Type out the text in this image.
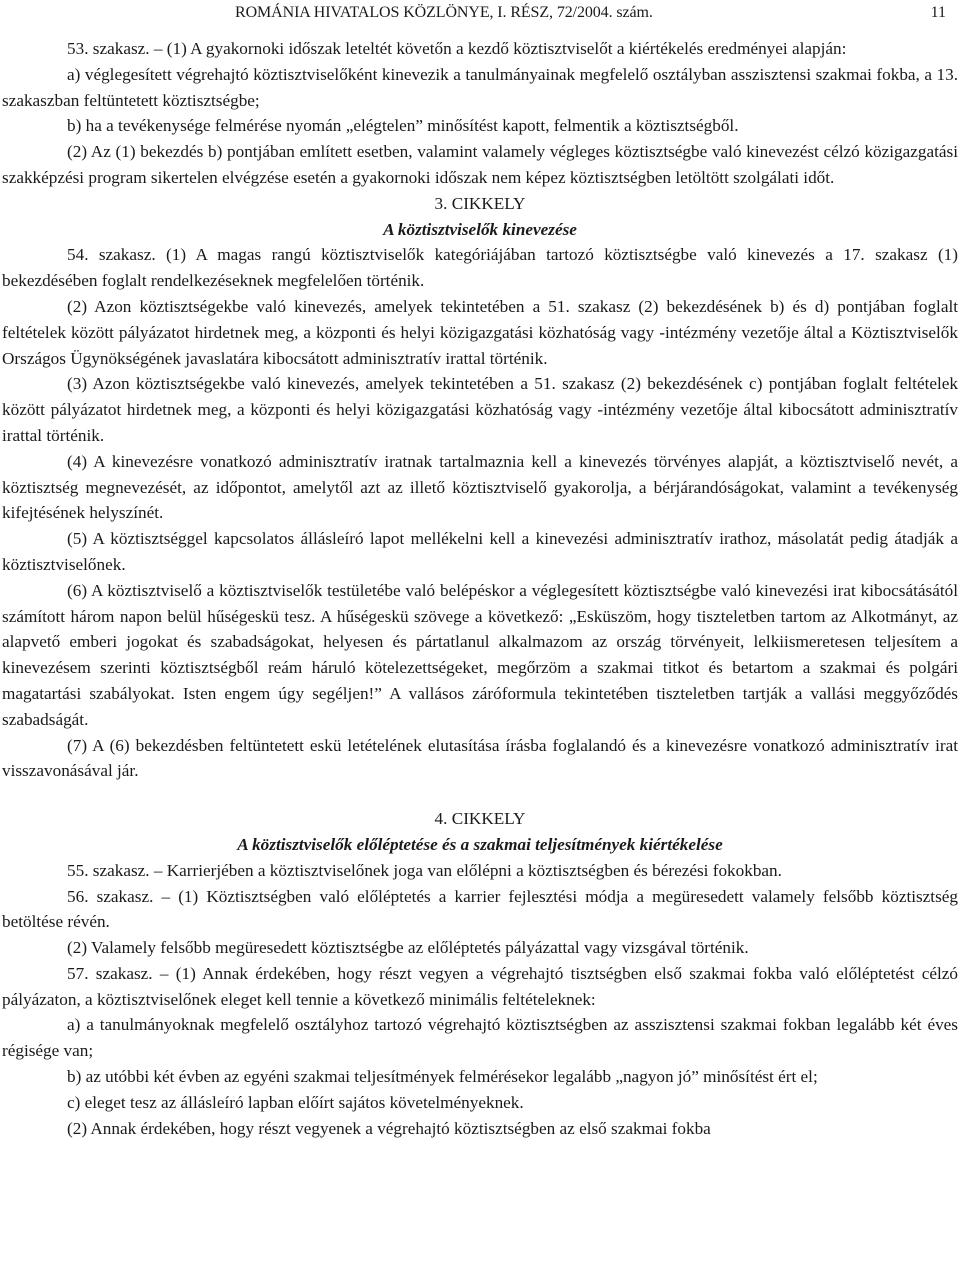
ROMÁNIA HIVATALOS KÖZLÖNYE, I. RÉSZ, 72/2004. szám.	11

53. szakasz. – (1) A gyakornoki időszak leteltét követőn a kezdő köztisztviselőt a kiértékelés eredményei alapján:

a) véglegesített végrehajtó köztisztviselőként kinevezik a tanulmányainak megfelelő osztályban asszisztensi szakmai fokba, a 13. szakaszban feltüntetett köztisztségbe;

b) ha a tevékenysége felmérése nyomán „elégtelen” minősítést kapott, felmentik a köztisztségből.

(2) Az (1) bekezdés b) pontjában említett esetben, valamint valamely végleges köztisztségbe való kinevezést célzó közigazgatási szakképzési program sikertelen elvégzése esetén a gyakornoki időszak nem képez köztisztségben letöltött szolgálati időt.

3. CIKKELY

A köztisztviselők kinevezése

54. szakasz. (1) A magas rangú köztisztviselők kategóriájában tartozó köztisztségbe való kinevezés a 17. szakasz (1) bekezdésében foglalt rendelkezéseknek megfelelően történik.

(2) Azon köztisztségekbe való kinevezés, amelyek tekintetében a 51. szakasz (2) bekezdésének b) és d) pontjában foglalt feltételek között pályázatot hirdetnek meg, a központi és helyi közigazgatási közhatóság vagy -intézmény vezetője által a Köztisztviselők Országos Ügynökségének javaslatára kibocsátott adminisztratív irattal történik.

(3) Azon köztisztségekbe való kinevezés, amelyek tekintetében a 51. szakasz (2) bekezdésének c) pontjában foglalt feltételek között pályázatot hirdetnek meg, a központi és helyi közigazgatási közhatóság vagy -intézmény vezetője által kibocsátott adminisztratív irattal történik.

(4) A kinevezésre vonatkozó adminisztratív iratnak tartalmaznia kell a kinevezés törvényes alapját, a köztisztviselő nevét, a köztisztség megnevezését, az időpontot, amelytől azt az illető köztisztviselő gyakorolja, a bérjárandóságokat, valamint a tevékenység kifejtésének helyszínét.

(5) A köztisztséggel kapcsolatos álláslеíró lapot mellékelni kell a kinevezési adminisztratív irathoz, másolatát pedig átadják a köztisztviselőnek.

(6) A köztisztviselő a köztisztviselők testületébe való belépéskor a véglegesített köztisztségbe való kinevezési irat kibocsátásától számított három napon belül hűségeskü tesz. A hűségeskü szövege a következő: „Esküszöm, hogy tiszteletben tartom az Alkotmányt, az alapvető emberi jogokat és szabadságokat, helyesen és pártatlanul alkalmazom az ország törvényeit, lelkiismeretesen teljesítem a kinevezésem szerinti köztisztségből reám háruló kötelezettségeket, megőrzöm a szakmai titkot és betartom a szakmai és polgári magatartási szabályokat. Isten engem úgy segéljen!” A vallásos záróformula tekintetében tiszteletben tartják a vallási meggyőződés szabadságát.

(7) A (6) bekezdésben feltüntetett eskü letételének elutasítása írásba foglalandó és a kinevezésre vonatkozó adminisztratív irat visszavonásával jár.

4. CIKKELY

A köztisztviselők előléptetése és a szakmai teljesítmények kiértékelése

55. szakasz. – Karrierjében a köztisztviselőnek joga van előlépni a köztisztségben és bérezési fokokban.

56. szakasz. – (1) Köztisztségben való előléptetés a karrier fejlesztési módja a megüresedett valamely felsőbb köztisztség betöltése révén.

(2) Valamely felsőbb megüresedett köztisztségbe az előléptetés pályázattal vagy vizsgával történik.

57. szakasz. – (1) Annak érdekében, hogy részt vegyen a végrehajtó tisztségben első szakmai fokba való előléptetést célzó pályázaton, a köztisztviselőnek eleget kell tennie a következő minimális feltételeknek:

a) a tanulmányoknak megfelelő osztályhoz tartozó végrehajtó köztisztségben az asszisztensi szakmai fokban legalább két éves régisége van;

b) az utóbbi két évben az egyéni szakmai teljesítmények felmérésekor legalább „nagyon jó” minősítést ért el;

c) eleget tesz az álláslеíró lapban előírt sajátos követelményeknek.

(2) Annak érdekében, hogy részt vegyenek a végrehajtó köztisztségben az első szakmai fokba
